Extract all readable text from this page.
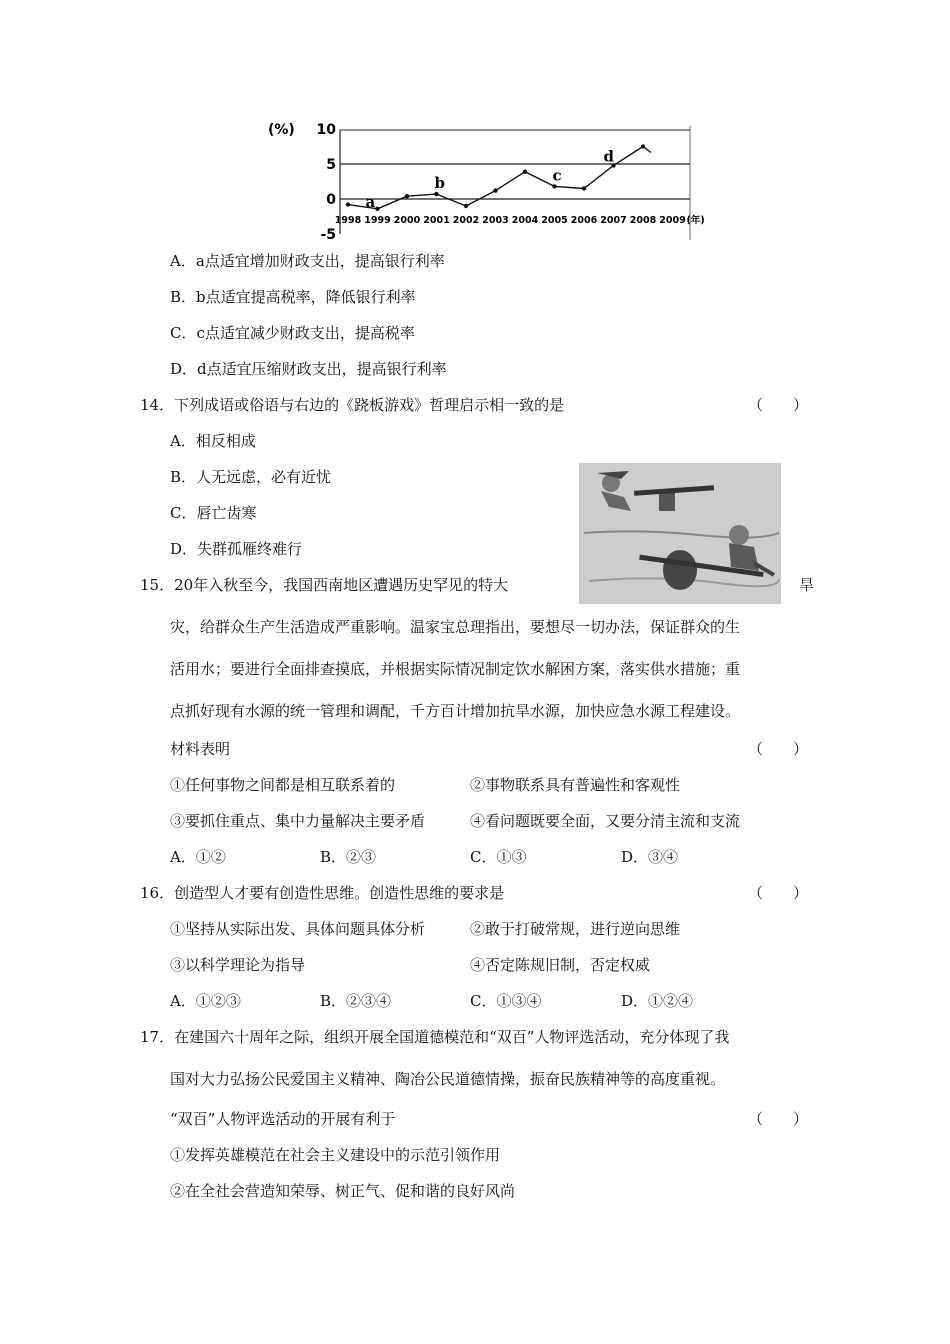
10
5
0
-5
(%)
1998 1999 2000 2001 2002 2003 2004 2005 2006 2007 2008 2009 (年)
a
b	c
d
A．a点适宜增加财政支出，提高银行利率
B．b点适宜提高税率，降低银行利率
C．c点适宜减少财政支出，提高税率
D．d点适宜压缩财政支出，提高银行利率
14．下列成语或俗语与右边的《跷板游戏》哲理启示相一致的是	（　　）
A．相反相成
B．人无远虑，必有近忧
C．唇亡齿寒
D．失群孤雁终难行
15．20年入秋至今，我国西南地区遭遇历史罕见的特大	旱
灾，给群众生产生活造成严重影响。温家宝总理指出，要想尽一切办法，保证群众的生
活用水；要进行全面排查摸底，并根据实际情况制定饮水解困方案，落实供水措施；重
点抓好现有水源的统一管理和调配，千方百计增加抗旱水源，加快应急水源工程建设。
材料表明	（　　）
①任何事物之间都是相互联系着的	②事物联系具有普遍性和客观性
③要抓住重点、集中力量解决主要矛盾	④看问题既要全面，又要分清主流和支流
A．①②	B．②③	C．①③	D．③④
16．创造型人才要有创造性思维。创造性思维的要求是	（　　）
①坚持从实际出发、具体问题具体分析	②敢于打破常规，进行逆向思维
③以科学理论为指导	④否定陈规旧制，否定权威
A．①②③	B．②③④	C．①③④	D．①②④
17．在建国六十周年之际，组织开展全国道德模范和“双百”人物评选活动，充分体现了我
国对大力弘扬公民爱国主义精神、陶冶公民道德情操，振奋民族精神等的高度重视。
“双百”人物评选活动的开展有利于	（　　）
①发挥英雄模范在社会主义建设中的示范引领作用
②在全社会营造知荣辱、树正气、促和谐的良好风尚
